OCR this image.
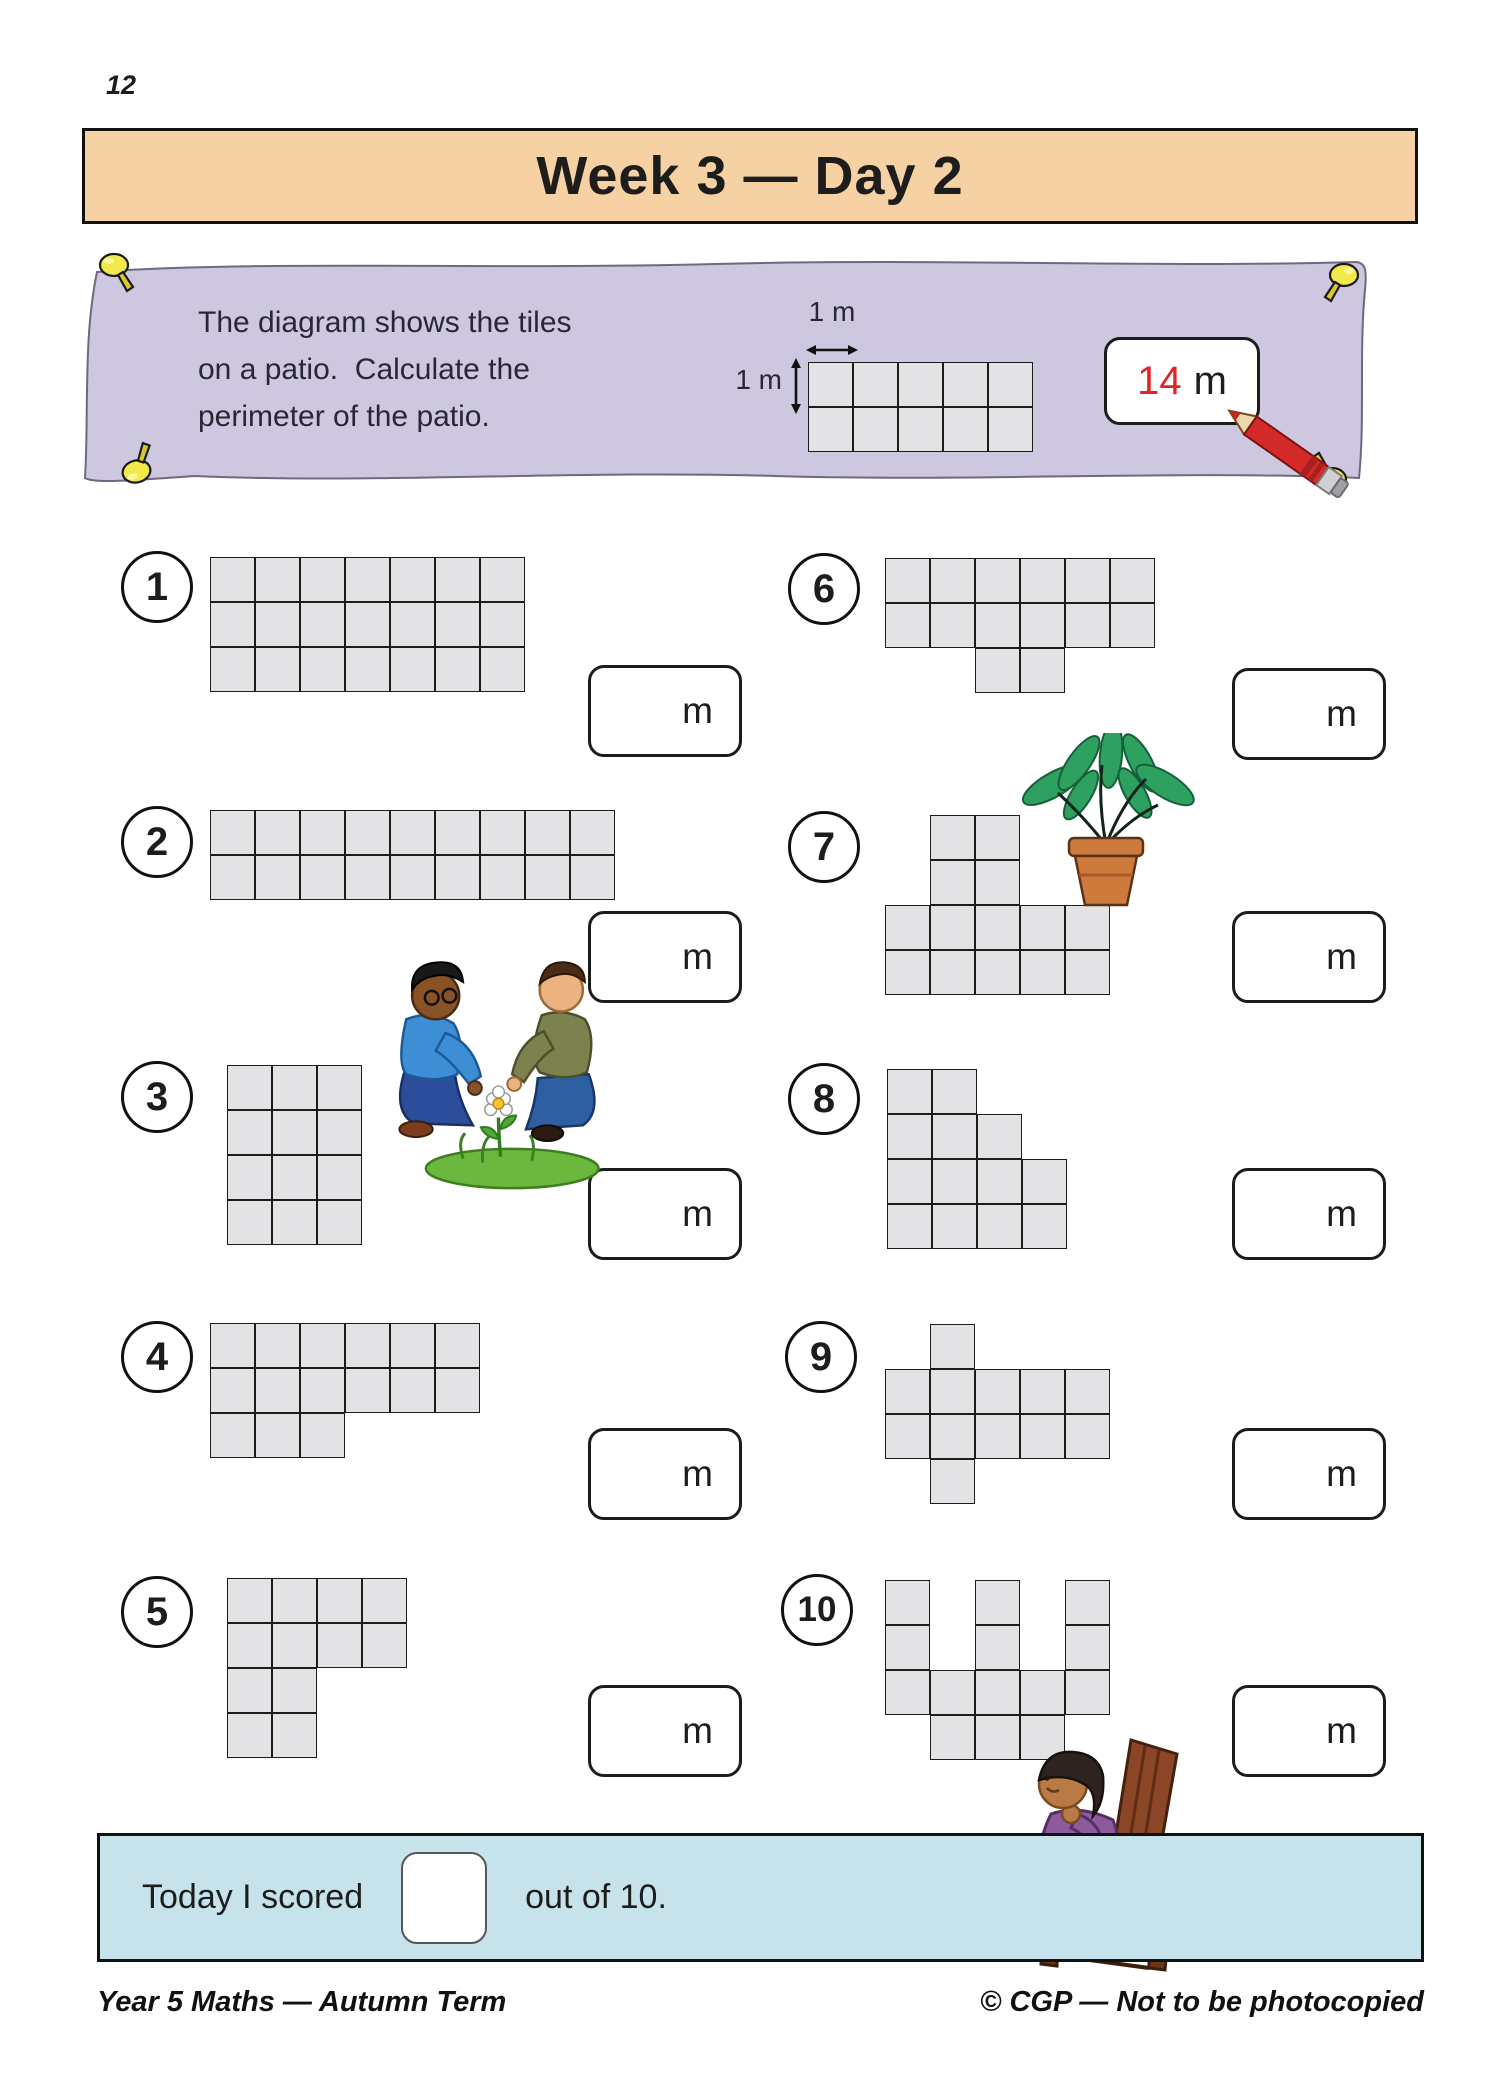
12
Week 3 — Day 2
The diagram shows the tiles
on a patio.  Calculate the
perimeter of the patio.
1 m
1 m	14 m
1
m
2
m
3
m
4
m
5
m
6
m
7
m
8
m
9
m
10
m
Today I scored	out of 10.
Year 5 Maths — Autumn Term	© CGP — Not to be photocopied
